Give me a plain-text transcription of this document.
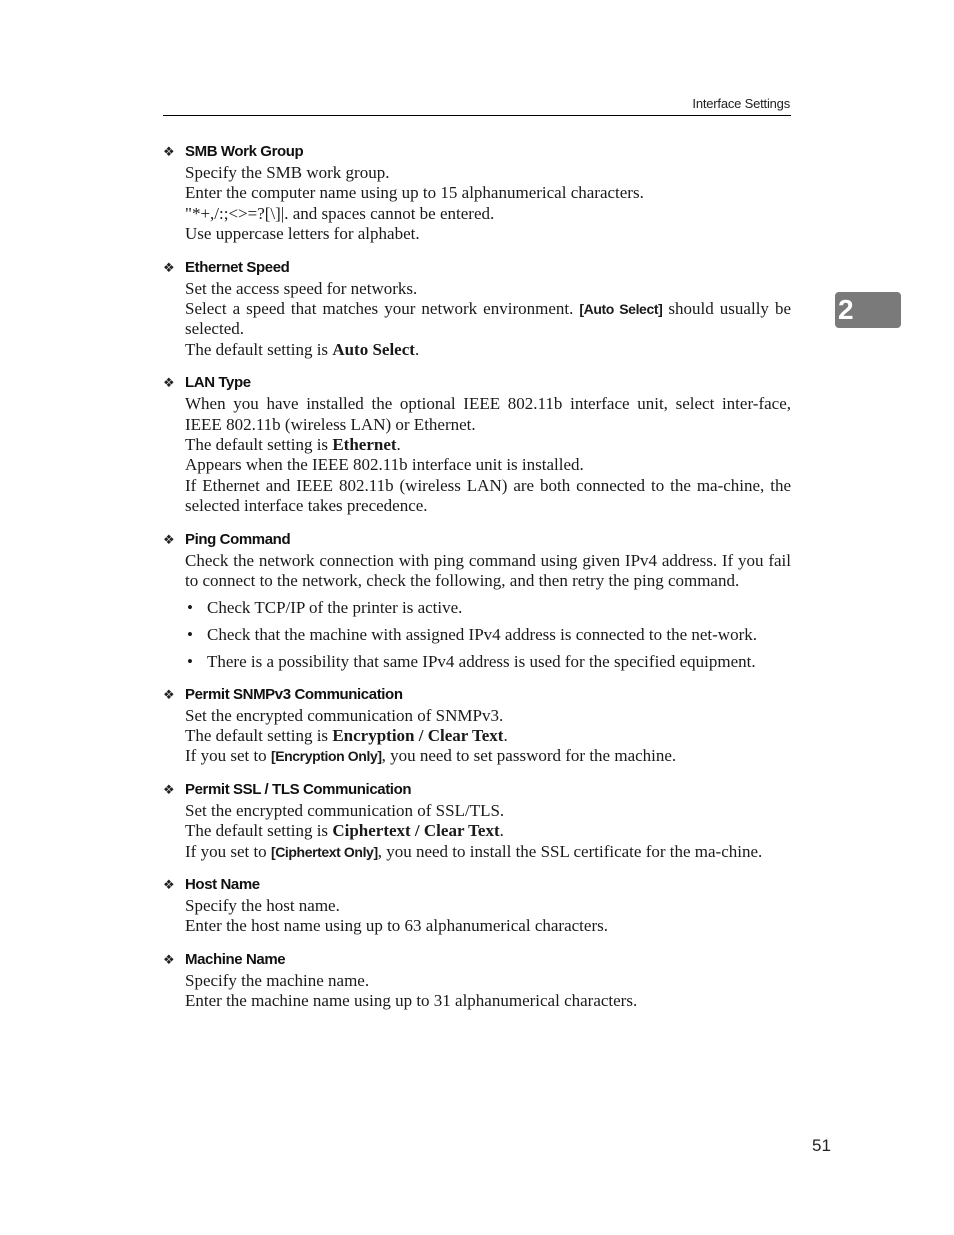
Interface Settings
2
❖ SMB Work Group

Specify the SMB work group.

Enter the computer name using up to 15 alphanumerical characters.

"*+,/:;<>=?[\]|. and spaces cannot be entered.

Use uppercase letters for alphabet.

❖ Ethernet Speed

Set the access speed for networks.

Select a speed that matches your network environment. [Auto Select] should usually be selected.

The default setting is Auto Select.

❖ LAN Type

When you have installed the optional IEEE 802.11b interface unit, select inter-face, IEEE 802.11b (wireless LAN) or Ethernet.

The default setting is Ethernet.

Appears when the IEEE 802.11b interface unit is installed.

If Ethernet and IEEE 802.11b (wireless LAN) are both connected to the ma-chine, the selected interface takes precedence.

❖ Ping Command

Check the network connection with ping command using given IPv4 address. If you fail to connect to the network, check the following, and then retry the ping command.

• Check TCP/IP of the printer is active.
• Check that the machine with assigned IPv4 address is connected to the net-work.
• There is a possibility that same IPv4 address is used for the specified equipment.
❖ Permit SNMPv3 Communication

Set the encrypted communication of SNMPv3.

The default setting is Encryption / Clear Text.

If you set to [Encryption Only], you need to set password for the machine.

❖ Permit SSL / TLS Communication

Set the encrypted communication of SSL/TLS.

The default setting is Ciphertext / Clear Text.

If you set to [Ciphertext Only], you need to install the SSL certificate for the ma-chine.

❖ Host Name

Specify the host name.

Enter the host name using up to 63 alphanumerical characters.

❖ Machine Name

Specify the machine name.

Enter the machine name using up to 31 alphanumerical characters.

51
